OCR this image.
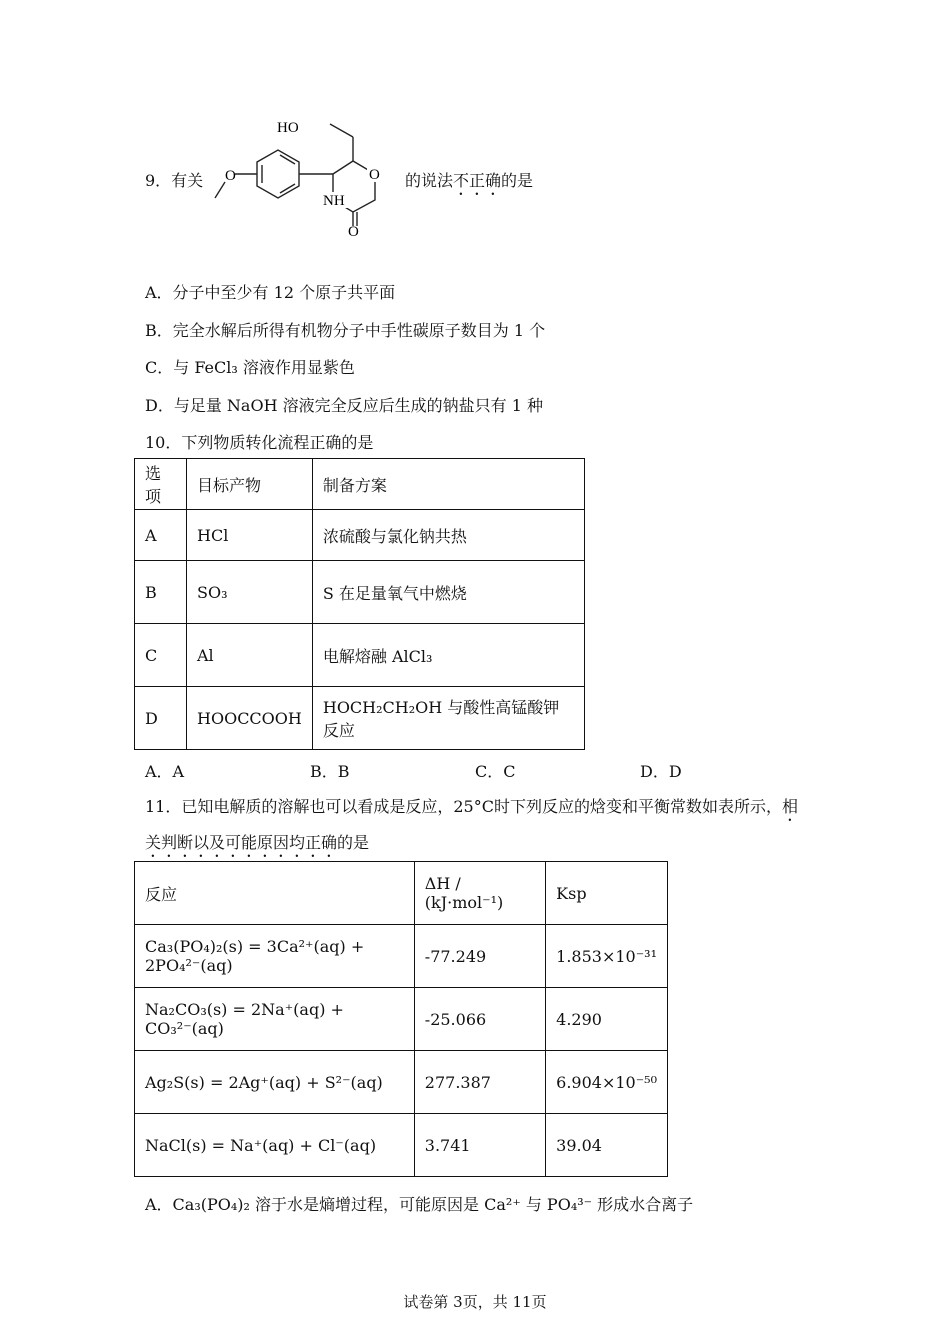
9．有关
HO
O	O
NH
O
的说法不正确的是
A．分子中至少有 12 个原子共平面
B．完全水解后所得有机物分子中手性碳原子数目为 1 个
C．与 FeCl₃ 溶液作用显紫色
D．与足量 NaOH 溶液完全反应后生成的钠盐只有 1 种
10．下列物质转化流程正确的是
选项	目标产物	制备方案
A	HCl	浓硫酸与氯化钠共热
B	SO₃	S 在足量氧气中燃烧
C	Al	电解熔融 AlCl₃
D	HOOCCOOH	HOCH₂CH₂OH 与酸性高锰酸钾反应
A．A	B．B	C．C	D．D
11．已知电解质的溶解也可以看成是反应，25°C时下列反应的焓变和平衡常数如表所示，相
关判断以及可能原因均正确的是
反应	ΔH / (kJ·mol⁻¹)	Ksp
Ca₃(PO₄)₂(s) = 3Ca²⁺(aq) + 2PO₄²⁻(aq)	-77.249	1.853×10⁻³¹
Na₂CO₃(s) = 2Na⁺(aq) + CO₃²⁻(aq)	-25.066	4.290
Ag₂S(s) = 2Ag⁺(aq) + S²⁻(aq)	277.387	6.904×10⁻⁵⁰
NaCl(s) = Na⁺(aq) + Cl⁻(aq)	3.741	39.04
A．Ca₃(PO₄)₂ 溶于水是熵增过程，可能原因是 Ca²⁺ 与 PO₄³⁻ 形成水合离子
试卷第 3页，共 11页
